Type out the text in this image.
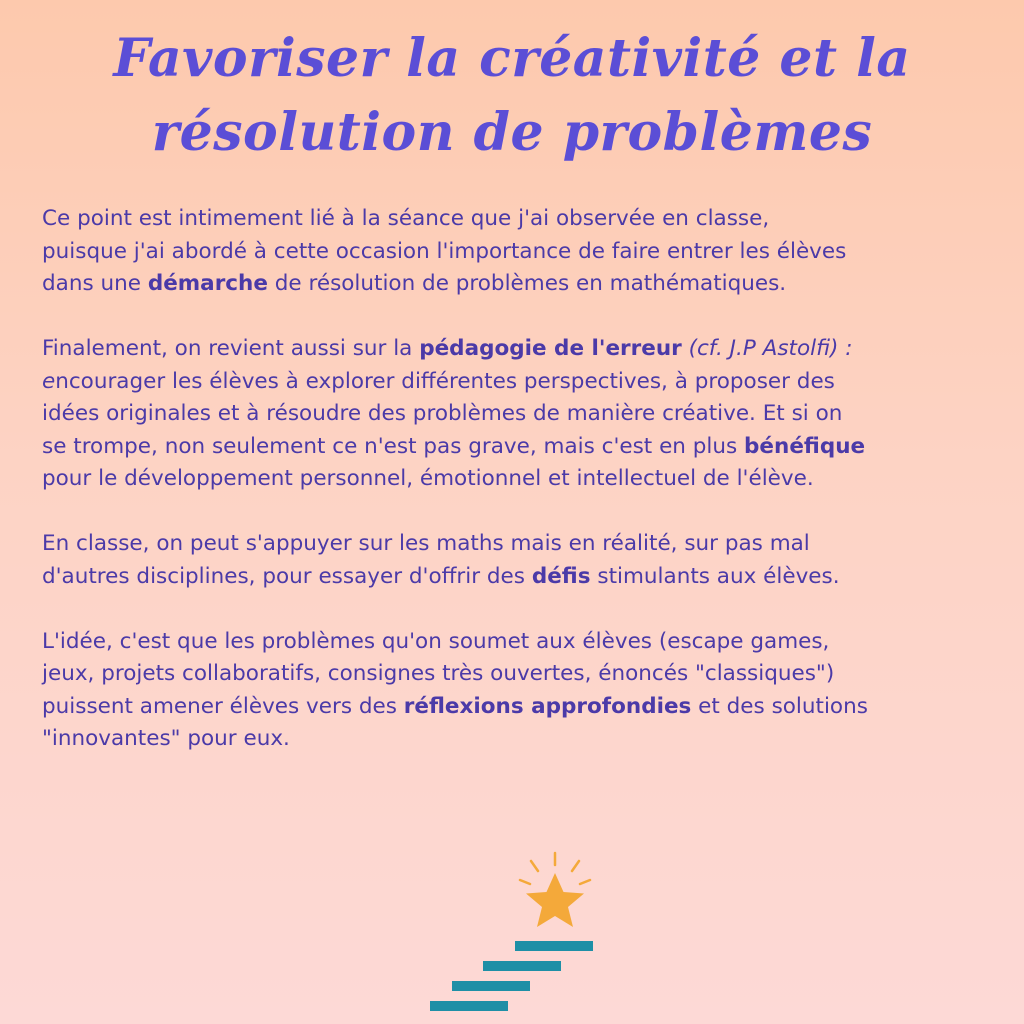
Favoriser la créativité et la
résolution de problèmes

Ce point est intimement lié à la séance que j'ai observée en classe,
puisque j'ai abordé à cette occasion l'importance de faire entrer les élèves
dans une démarche de résolution de problèmes en mathématiques.

Finalement, on revient aussi sur la pédagogie de l'erreur (cf. J.P Astolfi) :
encourager les élèves à explorer différentes perspectives, à proposer des
idées originales et à résoudre des problèmes de manière créative. Et si on
se trompe, non seulement ce n'est pas grave, mais c'est en plus bénéfique
pour le développement personnel, émotionnel et intellectuel de l'élève.

En classe, on peut s'appuyer sur les maths mais en réalité, sur pas mal
d'autres disciplines, pour essayer d'offrir des défis stimulants aux élèves.

L'idée, c'est que les problèmes qu'on soumet aux élèves (escape games,
jeux, projets collaboratifs, consignes très ouvertes, énoncés "classiques")
puissent amener élèves vers des réflexions approfondies et des solutions
"innovantes" pour eux.
